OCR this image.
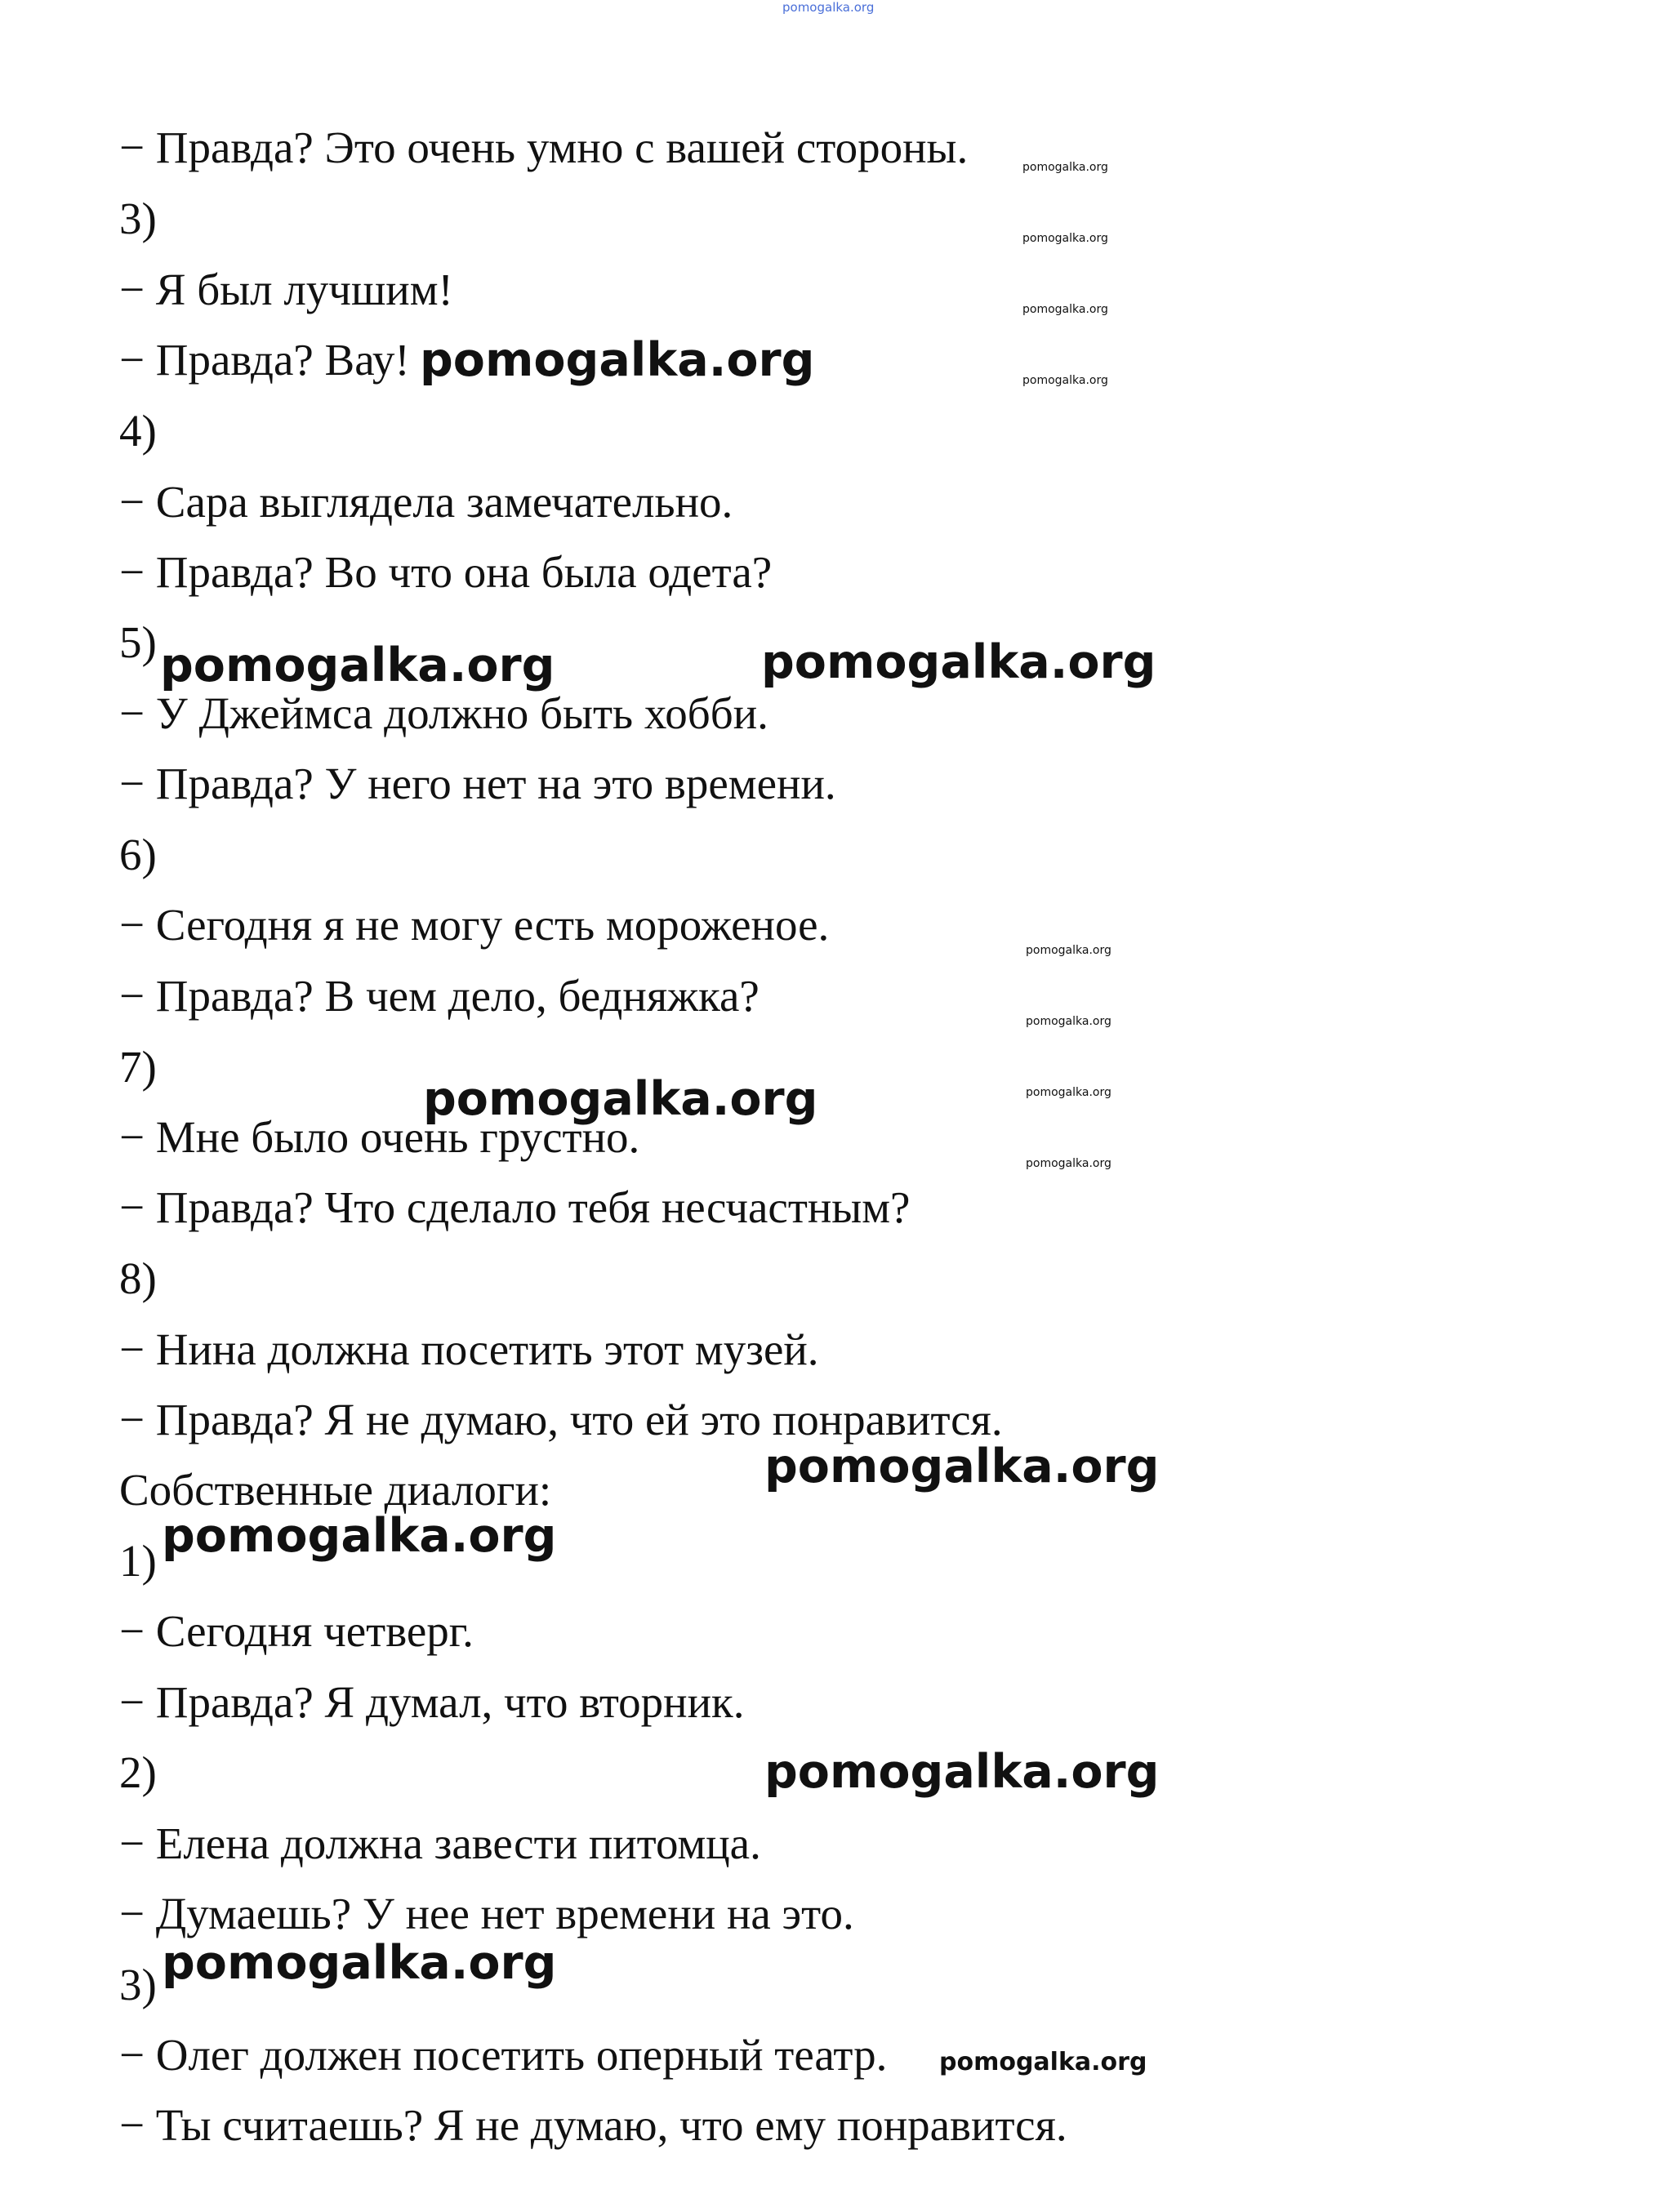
pomogalka.org
− Правда? Это очень умно с вашей стороны.
3)
− Я был лучшим!
− Правда? Вау!
4)
− Сара выглядела замечательно.
− Правда? Во что она была одета?
5)
− У Джеймса должно быть хобби.
− Правда? У него нет на это времени.
6)
− Сегодня я не могу есть мороженое.
− Правда? В чем дело, бедняжка?
7)
− Мне было очень грустно.
− Правда? Что сделало тебя несчастным?
8)
− Нина должна посетить этот музей.
− Правда? Я не думаю, что ей это понравится.
Собственные диалоги:
1)
− Сегодня четверг.
− Правда? Я думал, что вторник.
2)
− Елена должна завести питомца.
− Думаешь? У нее нет времени на это.
3)
− Олег должен посетить оперный театр.
− Ты считаешь? Я не думаю, что ему понравится.
pomogalka.org
pomogalka.org	pomogalka.org
pomogalka.org
pomogalka.org
pomogalka.org
pomogalka.org
pomogalka.org
pomogalka.org
pomogalka.org
pomogalka.org
pomogalka.org
pomogalka.org
pomogalka.org
pomogalka.org
pomogalka.org
pomogalka.org
